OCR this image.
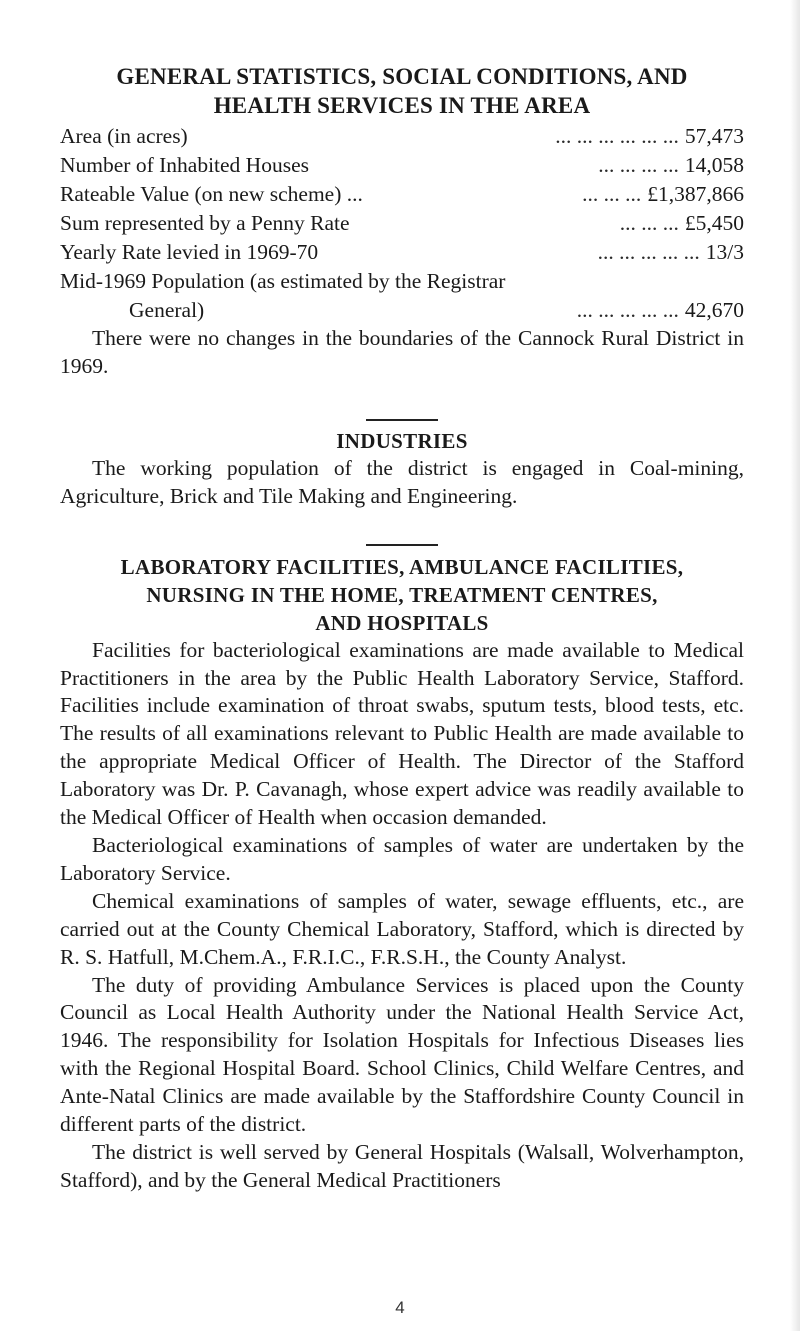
GENERAL STATISTICS, SOCIAL CONDITIONS, AND
HEALTH SERVICES IN THE AREA
Area (in acres)	... ... ... ... ... ... 57,473
Number of Inhabited Houses	... ... ... ... 14,058
Rateable Value (on new scheme) ...	... ... ... £1,387,866
Sum represented by a Penny Rate	... ... ... £5,450
Yearly Rate levied in 1969-70	... ... ... ... ... 13/3
Mid-1969 Population (as estimated by the Registrar
General)	... ... ... ... ... 42,670

There were no changes in the boundaries of the Cannock Rural District in 1969.

INDUSTRIES

The working population of the district is engaged in Coal-mining, Agriculture, Brick and Tile Making and Engineering.

LABORATORY FACILITIES, AMBULANCE FACILITIES,
NURSING IN THE HOME, TREATMENT CENTRES,
AND HOSPITALS

Facilities for bacteriological examinations are made available to Medical Practitioners in the area by the Public Health Laboratory Service, Stafford. Facilities include examination of throat swabs, sputum tests, blood tests, etc. The results of all examinations relevant to Public Health are made available to the appropriate Medical Officer of Health. The Director of the Stafford Laboratory was Dr. P. Cavanagh, whose expert advice was readily available to the Medical Officer of Health when occasion demanded.

Bacteriological examinations of samples of water are undertaken by the Laboratory Service.

Chemical examinations of samples of water, sewage effluents, etc., are carried out at the County Chemical Laboratory, Stafford, which is directed by R. S. Hatfull, M.Chem.A., F.R.I.C., F.R.S.H., the County Analyst.

The duty of providing Ambulance Services is placed upon the County Council as Local Health Authority under the National Health Service Act, 1946. The responsibility for Isolation Hospitals for Infectious Diseases lies with the Regional Hospital Board. School Clinics, Child Welfare Centres, and Ante-Natal Clinics are made available by the Staffordshire County Council in different parts of the district.

The district is well served by General Hospitals (Walsall, Wolverhampton, Stafford), and by the General Medical Practitioners

4
